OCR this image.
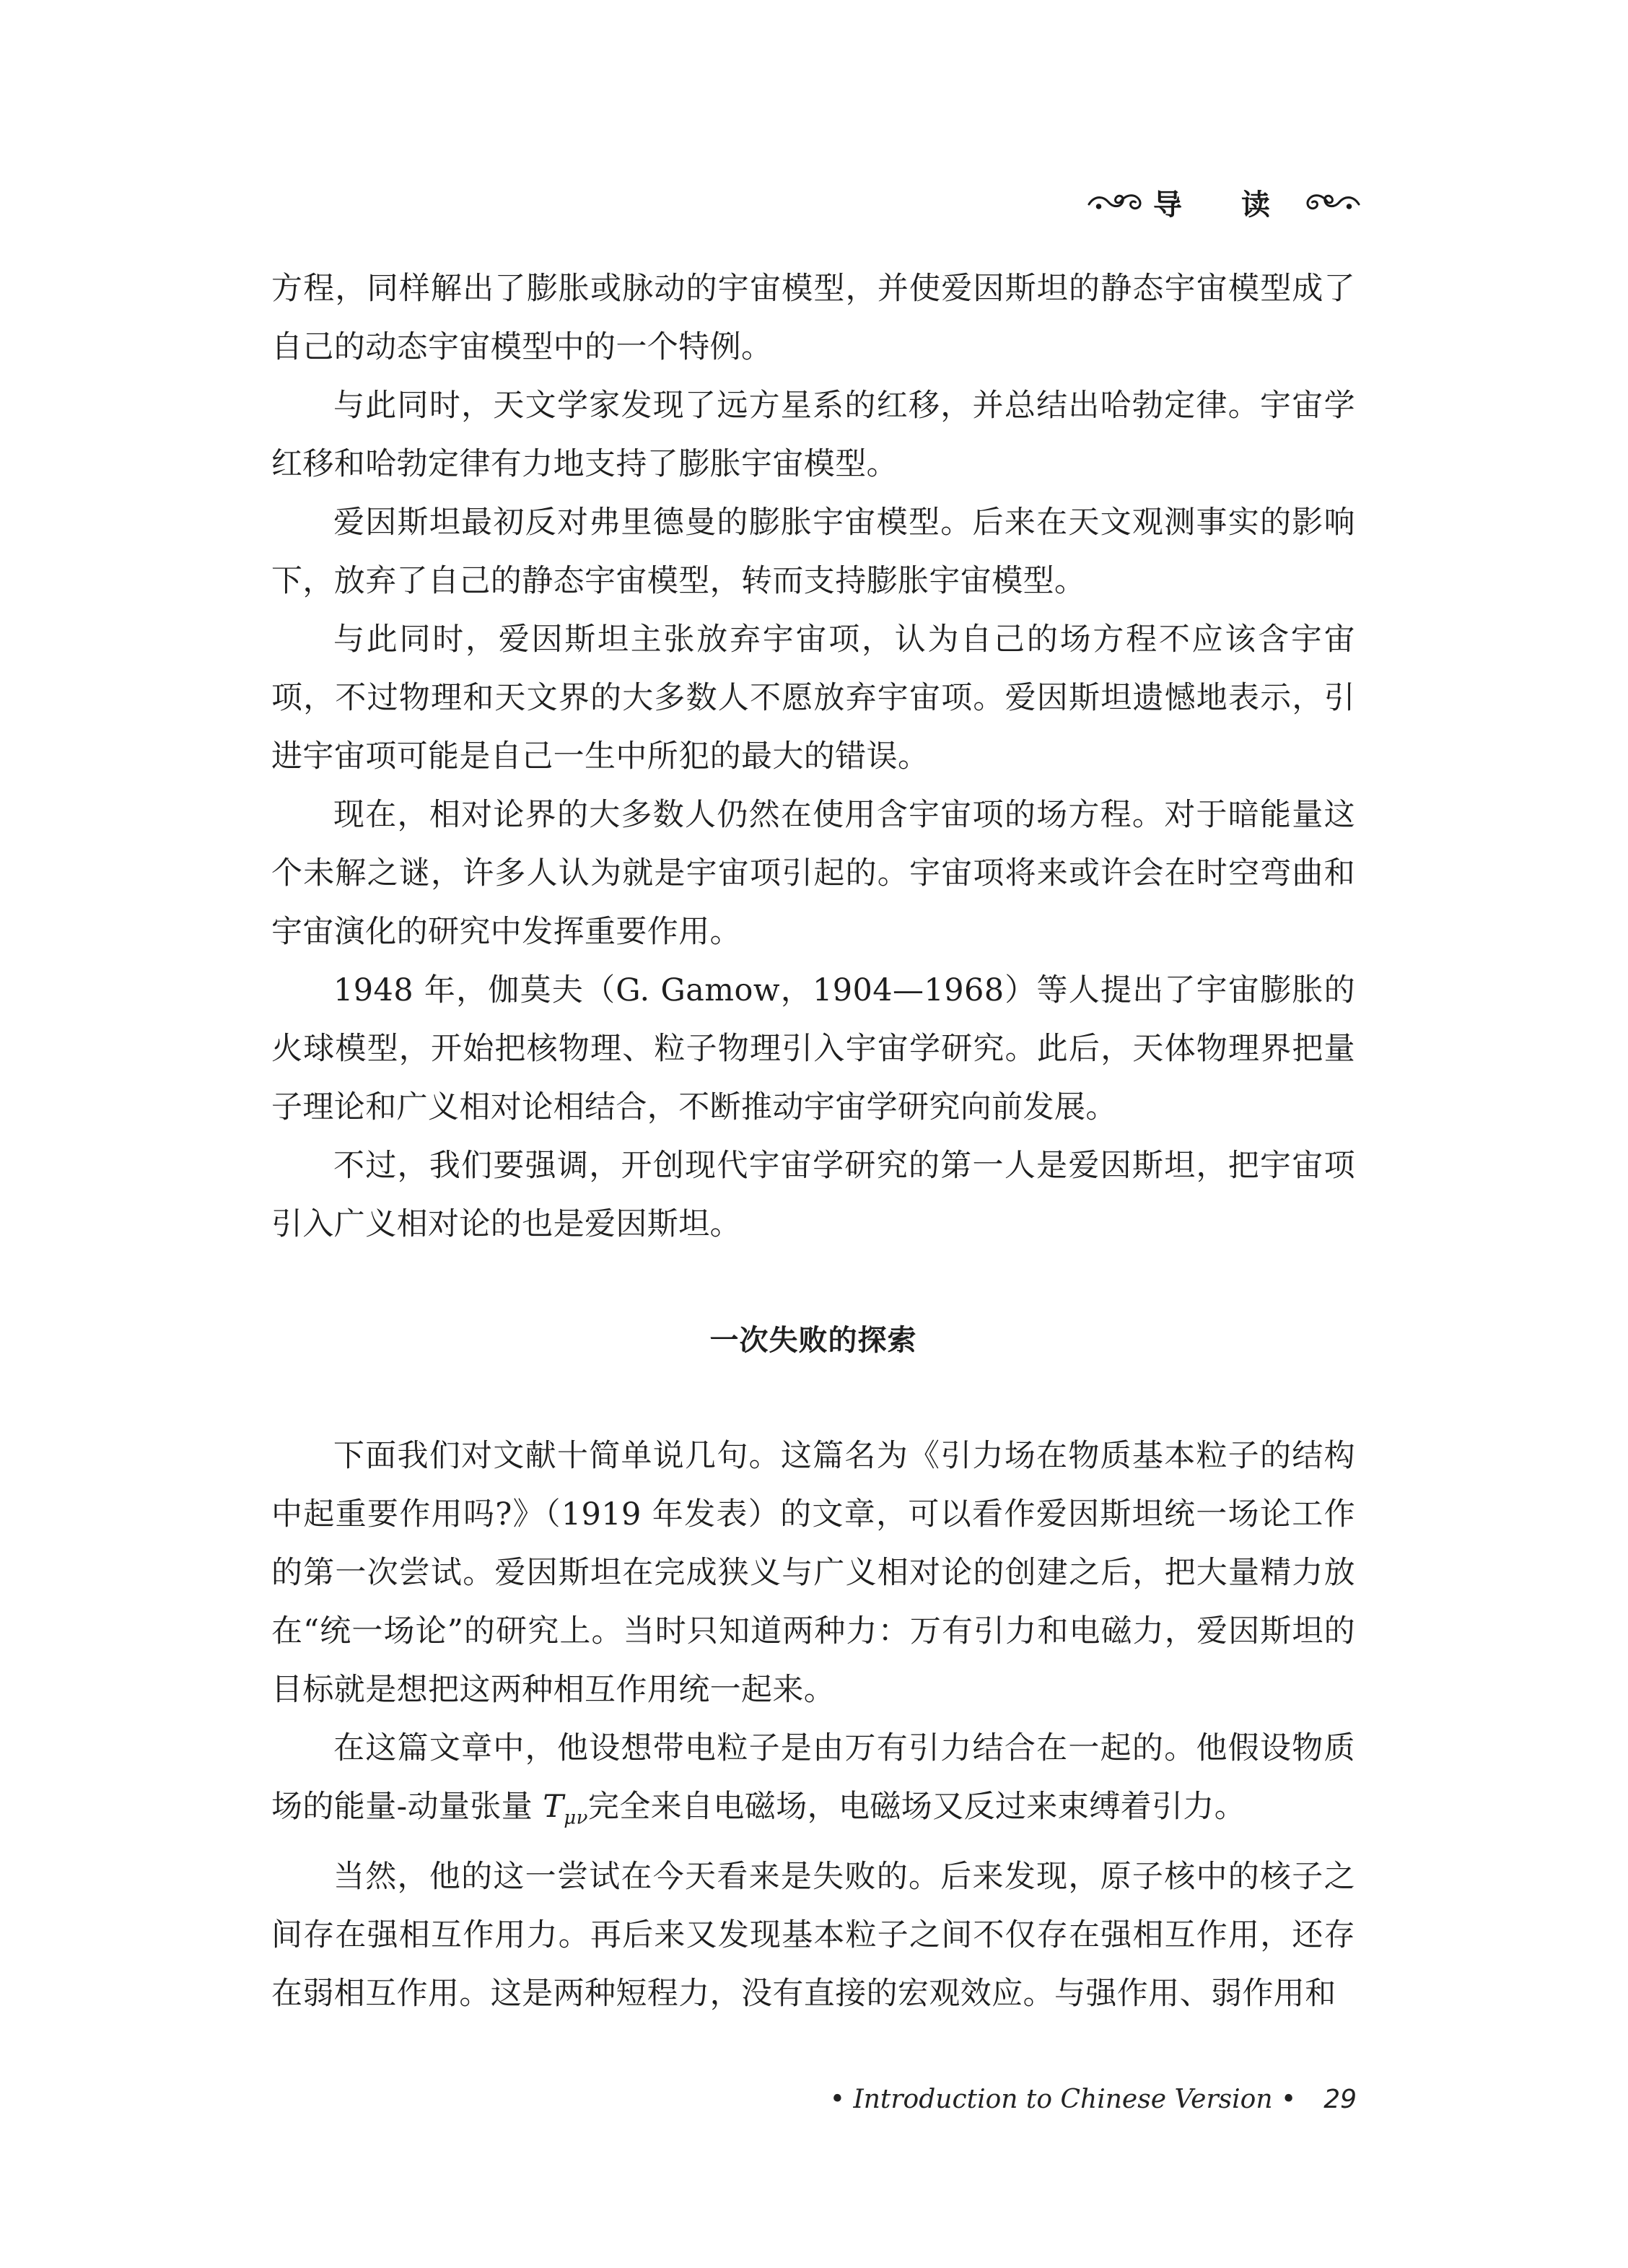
导 读

方程，同样解出了膨胀或脉动的宇宙模型，并使爱因斯坦的静态宇宙模型成了自己的动态宇宙模型中的一个特例。

与此同时，天文学家发现了远方星系的红移，并总结出哈勃定律。宇宙学红移和哈勃定律有力地支持了膨胀宇宙模型。

爱因斯坦最初反对弗里德曼的膨胀宇宙模型。后来在天文观测事实的影响下，放弃了自己的静态宇宙模型，转而支持膨胀宇宙模型。

与此同时，爱因斯坦主张放弃宇宙项，认为自己的场方程不应该含宇宙项，不过物理和天文界的大多数人不愿放弃宇宙项。爱因斯坦遗憾地表示，引进宇宙项可能是自己一生中所犯的最大的错误。

现在，相对论界的大多数人仍然在使用含宇宙项的场方程。对于暗能量这个未解之谜，许多人认为就是宇宙项引起的。宇宙项将来或许会在时空弯曲和宇宙演化的研究中发挥重要作用。

1948 年，伽莫夫（G. Gamow，1904—1968）等人提出了宇宙膨胀的火球模型，开始把核物理、粒子物理引入宇宙学研究。此后，天体物理界把量子理论和广义相对论相结合，不断推动宇宙学研究向前发展。

不过，我们要强调，开创现代宇宙学研究的第一人是爱因斯坦，把宇宙项引入广义相对论的也是爱因斯坦。

一次失败的探索

下面我们对文献十简单说几句。这篇名为《引力场在物质基本粒子的结构中起重要作用吗?》（1919 年发表）的文章，可以看作爱因斯坦统一场论工作的第一次尝试。爱因斯坦在完成狭义与广义相对论的创建之后，把大量精力放在“统一场论”的研究上。当时只知道两种力：万有引力和电磁力，爱因斯坦的目标就是想把这两种相互作用统一起来。

在这篇文章中，他设想带电粒子是由万有引力结合在一起的。他假设物质场的能量-动量张量 $T_{\mu\nu}$完全来自电磁场，电磁场又反过来束缚着引力。

当然，他的这一尝试在今天看来是失败的。后来发现，原子核中的核子之间存在强相互作用力。再后来又发现基本粒子之间不仅存在强相互作用，还存在弱相互作用。这是两种短程力，没有直接的宏观效应。与强作用、弱作用和

• Introduction to Chinese Version • 29
